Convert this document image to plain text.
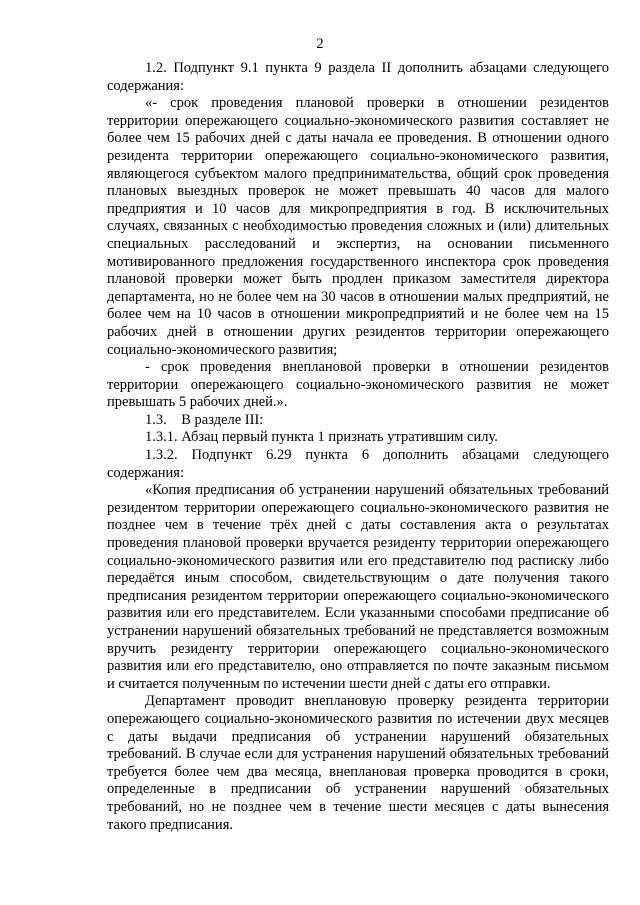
2

1.2. Подпункт 9.1 пункта 9 раздела II дополнить абзацами следующего содержания:

«- срок проведения плановой проверки в отношении резидентов территории опережающего социально-экономического развития составляет не более чем 15 рабочих дней с даты начала ее проведения. В отношении одного резидента территории опережающего социально-экономического развития, являющегося субъектом малого предпринимательства, общий срок проведения плановых выездных проверок не может превышать 40 часов для малого предприятия и 10 часов для микропредприятия в год. В исключительных случаях, связанных с необходимостью проведения сложных и (или) длительных специальных расследований и экспертиз, на основании письменного мотивированного предложения государственного инспектора срок проведения плановой проверки может быть продлен приказом заместителя директора департамента, но не более чем на 30 часов в отношении малых предприятий, не более чем на 10 часов в отношении микропредприятий и не более чем на 15 рабочих дней в отношении других резидентов территории опережающего социально-экономического развития;

- срок проведения внеплановой проверки в отношении резидентов территории опережающего социально-экономического развития не может превышать 5 рабочих дней.».

1.3.    В разделе III:

1.3.1. Абзац первый пункта 1 признать утратившим силу.

1.3.2. Подпункт 6.29 пункта 6 дополнить абзацами следующего содержания:

«Копия предписания об устранении нарушений обязательных требований резидентом территории опережающего социально-экономического развития не позднее чем в течение трёх дней с даты составления акта о результатах проведения плановой проверки вручается резиденту территории опережающего социально-экономического развития или его представителю под расписку либо передаётся иным способом, свидетельствующим о дате получения такого предписания резидентом территории опережающего социально-экономического развития или его представителем. Если указанными способами предписание об устранении нарушений обязательных требований не представляется возможным вручить резиденту территории опережающего социально-экономического развития или его представителю, оно отправляется по почте заказным письмом и считается полученным по истечении шести дней с даты его отправки.

Департамент проводит внеплановую проверку резидента территории опережающего социально-экономического развития по истечении двух месяцев с даты выдачи предписания об устранении нарушений обязательных требований. В случае если для устранения нарушений обязательных требований требуется более чем два месяца, внеплановая проверка проводится в сроки, определенные в предписании об устранении нарушений обязательных требований, но не позднее чем в течение шести месяцев с даты вынесения такого предписания.
